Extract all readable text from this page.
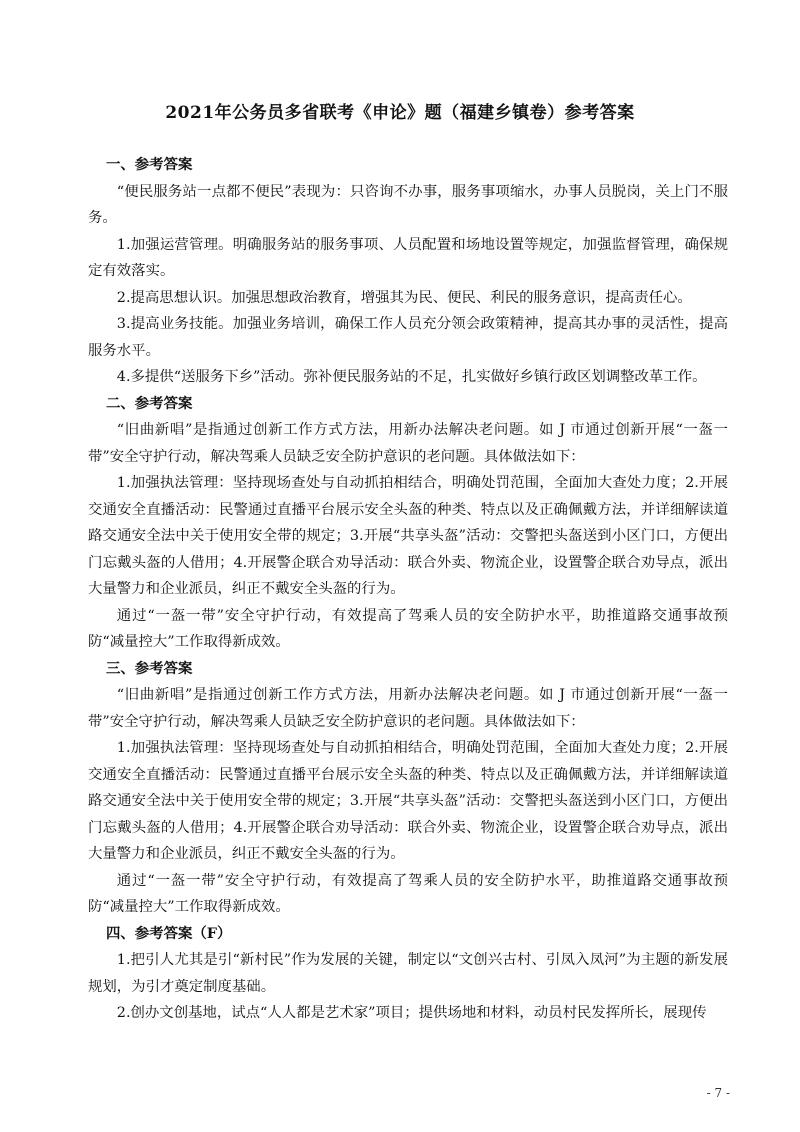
2021年公务员多省联考《申论》题（福建乡镇卷）参考答案

一、参考答案

“便民服务站一点都不便民”表现为：只咨询不办事，服务事项缩水，办事人员脱岗，关上门不服务。

1.加强运营管理。明确服务站的服务事项、人员配置和场地设置等规定，加强监督管理，确保规定有效落实。

2.提高思想认识。加强思想政治教育，增强其为民、便民、利民的服务意识，提高责任心。

3.提高业务技能。加强业务培训，确保工作人员充分领会政策精神，提高其办事的灵活性，提高服务水平。

4.多提供“送服务下乡”活动。弥补便民服务站的不足，扎实做好乡镇行政区划调整改革工作。

二、参考答案

“旧曲新唱”是指通过创新工作方式方法，用新办法解决老问题。如 J 市通过创新开展“一盔一带”安全守护行动，解决驾乘人员缺乏安全防护意识的老问题。具体做法如下：

1.加强执法管理：坚持现场查处与自动抓拍相结合，明确处罚范围，全面加大查处力度；2.开展交通安全直播活动：民警通过直播平台展示安全头盔的种类、特点以及正确佩戴方法，并详细解读道路交通安全法中关于使用安全带的规定；3.开展“共享头盔”活动：交警把头盔送到小区门口，方便出门忘戴头盔的人借用；4.开展警企联合劝导活动：联合外卖、物流企业，设置警企联合劝导点，派出大量警力和企业派员，纠正不戴安全头盔的行为。

通过“一盔一带”安全守护行动，有效提高了驾乘人员的安全防护水平，助推道路交通事故预防“减量控大”工作取得新成效。

三、参考答案

“旧曲新唱”是指通过创新工作方式方法，用新办法解决老问题。如 J 市通过创新开展“一盔一带”安全守护行动，解决驾乘人员缺乏安全防护意识的老问题。具体做法如下：

1.加强执法管理：坚持现场查处与自动抓拍相结合，明确处罚范围，全面加大查处力度；2.开展交通安全直播活动：民警通过直播平台展示安全头盔的种类、特点以及正确佩戴方法，并详细解读道路交通安全法中关于使用安全带的规定；3.开展“共享头盔”活动：交警把头盔送到小区门口，方便出门忘戴头盔的人借用；4.开展警企联合劝导活动：联合外卖、物流企业，设置警企联合劝导点，派出大量警力和企业派员，纠正不戴安全头盔的行为。

通过“一盔一带”安全守护行动，有效提高了驾乘人员的安全防护水平，助推道路交通事故预防“减量控大”工作取得新成效。

四、参考答案（F）

1.把引人尤其是引“新村民”作为发展的关键，制定以“文创兴古村、引凤入凤河”为主题的新发展规划，为引才奠定制度基础。

2.创办文创基地，试点“人人都是艺术家”项目；提供场地和材料，动员村民发挥所长，展现传

- 7 -
